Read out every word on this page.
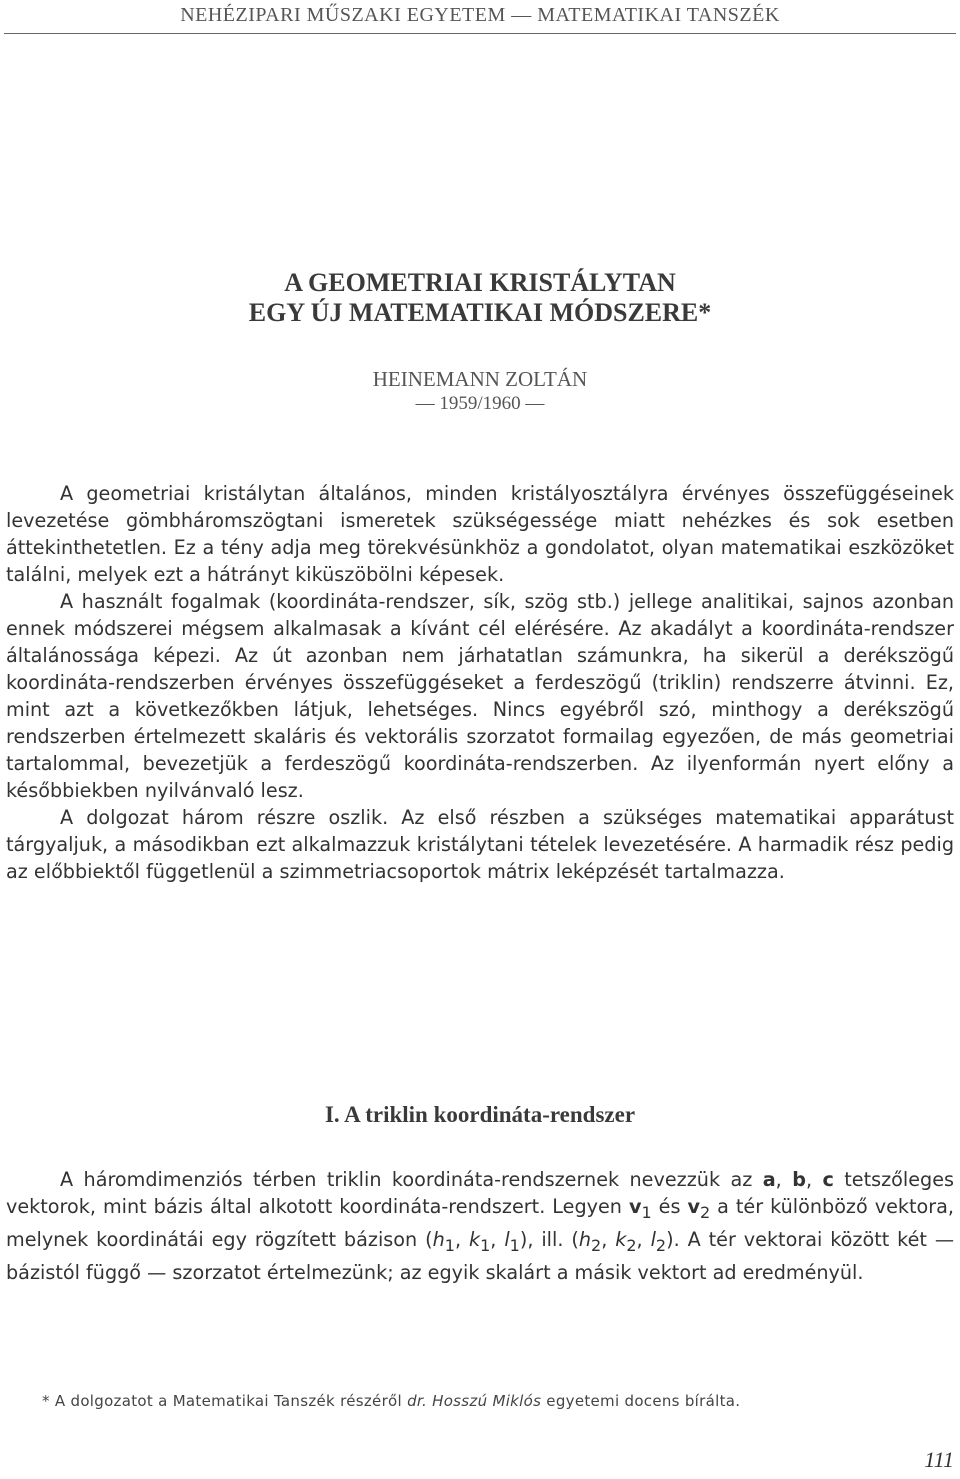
NEHÉZIPARI MŰSZAKI EGYETEM — MATEMATIKAI TANSZÉK
A GEOMETRIAI KRISTÁLYTAN
EGY ÚJ MATEMATIKAI MÓDSZERE*
HEINEMANN ZOLTÁN
— 1959/1960 —

A geometriai kristálytan általános, minden kristályosztályra érvényes összefüggéseinek levezetése gömbháromszögtani ismeretek szükségessége miatt nehézkes és sok esetben áttekinthetetlen. Ez a tény adja meg törekvésünkhöz a gondolatot, olyan matematikai eszközöket találni, melyek ezt a hátrányt kiküszöbölni képesek.

A használt fogalmak (koordináta-rendszer, sík, szög stb.) jellege analitikai, sajnos azonban ennek módszerei mégsem alkalmasak a kívánt cél elérésére. Az akadályt a koordináta-rendszer általánossága képezi. Az út azonban nem járhatatlan számunkra, ha sikerül a derékszögű koordináta-rendszerben érvényes összefüggéseket a ferdeszögű (triklin) rendszerre átvinni. Ez, mint azt a következőkben látjuk, lehetséges. Nincs egyébről szó, minthogy a derékszögű rendszerben értelmezett skaláris és vektorális szorzatot formailag egyezően, de más geometriai tartalommal, bevezetjük a ferdeszögű koordináta-rendszerben. Az ilyenformán nyert előny a későbbiekben nyilvánvaló lesz.

A dolgozat három részre oszlik. Az első részben a szükséges matematikai apparátust tárgyaljuk, a másodikban ezt alkalmazzuk kristálytani tételek levezetésére. A harmadik rész pedig az előbbiektől függetlenül a szimmetriacsoportok mátrix leképzését tartalmazza.

I. A triklin koordináta-rendszer

A háromdimenziós térben triklin koordináta-rendszernek nevezzük az a, b, c tetszőleges vektorok, mint bázis által alkotott koordináta-rendszert. Legyen $v_1$ és $v_2$ a tér különböző vektora, melynek koordinátái egy rögzített bázison ($h_1$, $k_1$, $l_1$), ill. ($h_2$, $k_2$, $l_2$). A tér vektorai között két — bázistól függő — szorzatot értelmezünk; az egyik skalárt a másik vektort ad eredményül.

* A dolgozatot a Matematikai Tanszék részéről dr. Hosszú Miklós egyetemi docens bírálta.
111
